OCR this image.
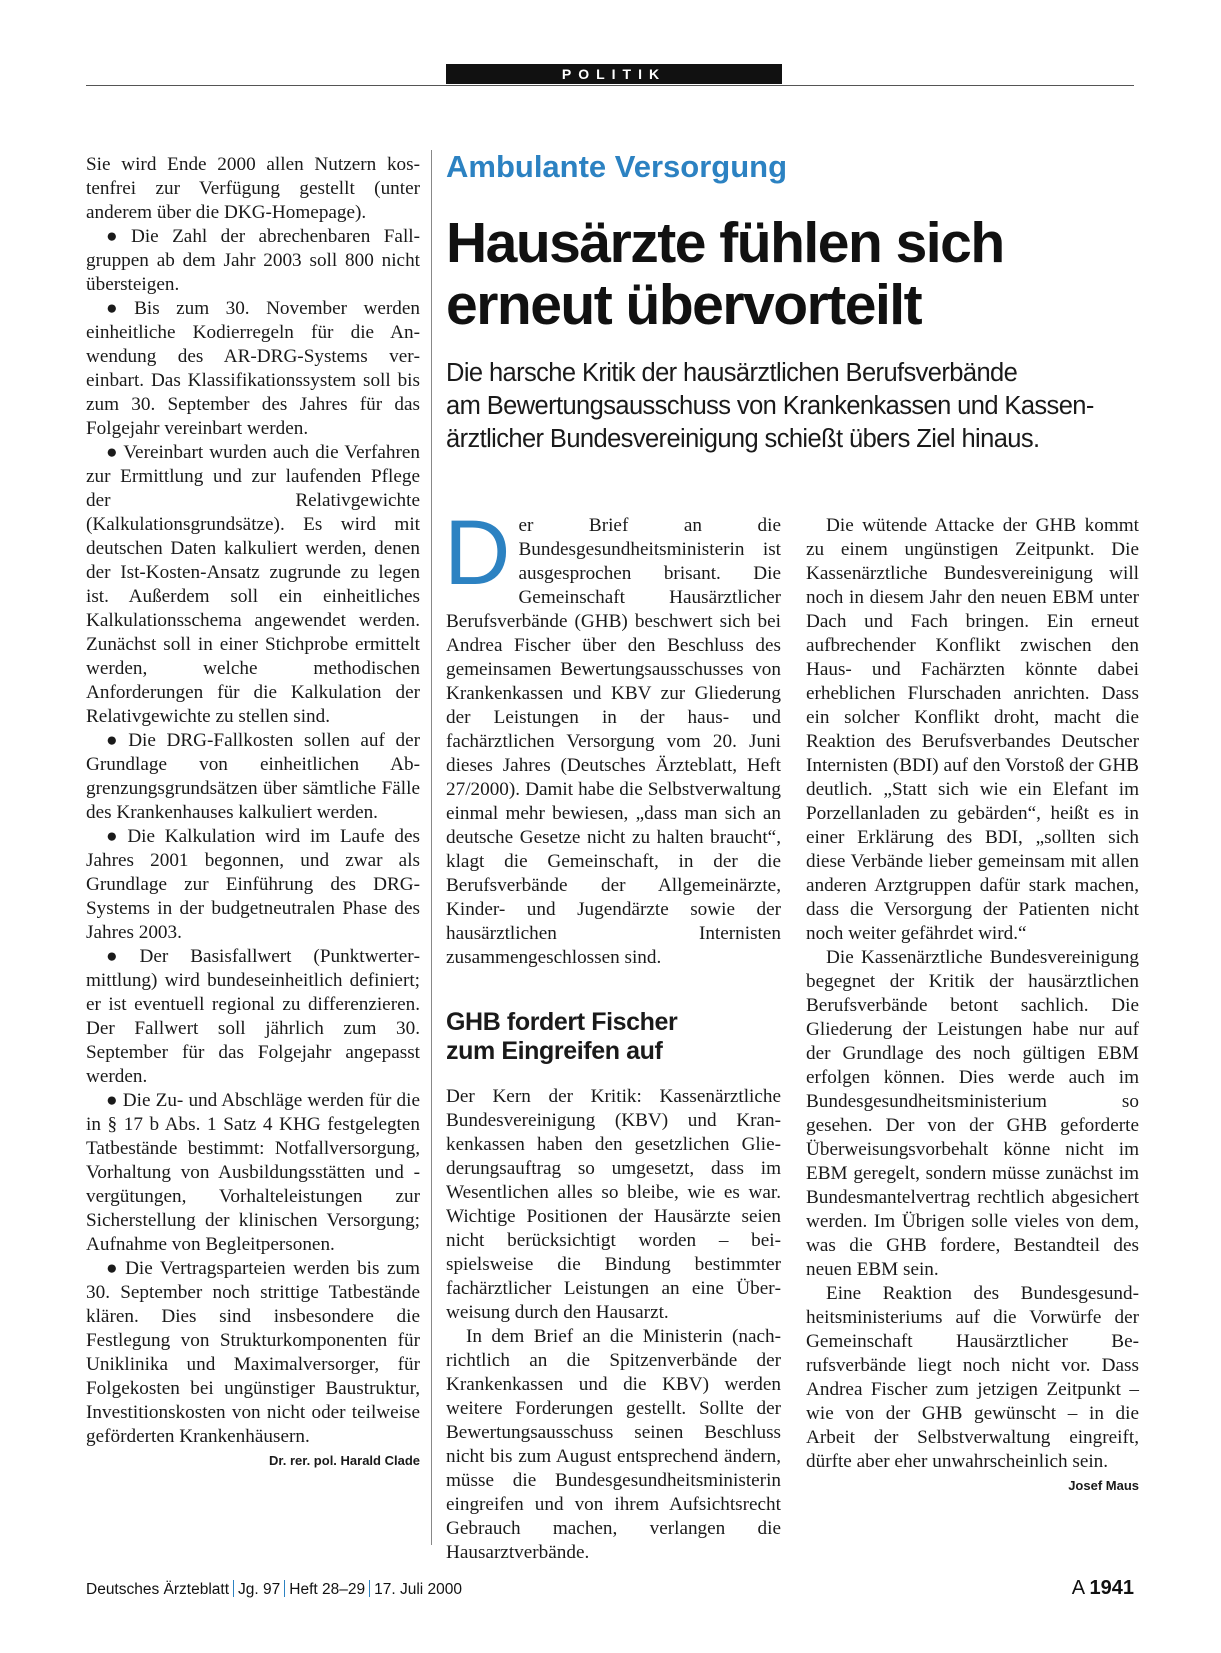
POLITIK

Sie wird Ende 2000 allen Nutzern kostenfrei zur Verfügung gestellt (unter anderem über die DKG-Homepage).

● Die Zahl der abrechenbaren Fallgruppen ab dem Jahr 2003 soll 800 nicht übersteigen.

● Bis zum 30. November werden einheitliche Kodierregeln für die Anwendung des AR-DRG-Systems vereinbart. Das Klassifikationssystem soll bis zum 30. September des Jahres für das Folgejahr vereinbart werden.

● Vereinbart wurden auch die Verfahren zur Ermittlung und zur laufenden Pflege der Relativgewichte (Kalkulationsgrundsätze). Es wird mit deutschen Daten kalkuliert werden, denen der Ist-Kosten-Ansatz zugrunde zu legen ist. Außerdem soll ein einheitliches Kalkulationsschema angewendet werden. Zunächst soll in einer Stichprobe ermittelt werden, welche methodischen Anforderungen für die Kalkulation der Relativgewichte zu stellen sind.

● Die DRG-Fallkosten sollen auf der Grundlage von einheitlichen Abgrenzungsgrundsätzen über sämtliche Fälle des Krankenhauses kalkuliert werden.

● Die Kalkulation wird im Laufe des Jahres 2001 begonnen, und zwar als Grundlage zur Einführung des DRG-Systems in der budgetneutralen Phase des Jahres 2003.

● Der Basisfallwert (Punktwertermittlung) wird bundeseinheitlich definiert; er ist eventuell regional zu differenzieren. Der Fallwert soll jährlich zum 30. September für das Folgejahr angepasst werden.

● Die Zu- und Abschläge werden für die in § 17 b Abs. 1 Satz 4 KHG festgelegten Tatbestände bestimmt: Notfallversorgung, Vorhaltung von Ausbildungsstätten und -vergütungen, Vorhalteleistungen zur Sicherstellung der klinischen Versorgung; Aufnahme von Begleitpersonen.

● Die Vertragsparteien werden bis zum 30. September noch strittige Tatbestände klären. Dies sind insbesondere die Festlegung von Strukturkomponenten für Uniklinika und Maximalversorger, für Folgekosten bei ungünstiger Baustruktur, Investitionskosten von nicht oder teilweise geförderten Krankenhäusern.
Dr. rer. pol. Harald Clade

Ambulante Versorgung
Hausärzte fühlen sich
erneut übervorteilt
Die harsche Kritik der hausärztlichen Berufsverbände
am Bewertungsausschuss von Krankenkassen und Kassen-
ärztlicher Bundesvereinigung schießt übers Ziel hinaus.

Der Brief an die Bundesgesundheitsministerin ist ausgesprochen brisant. Die Gemeinschaft Hausärztlicher Berufsverbände (GHB) beschwert sich bei Andrea Fischer über den Beschluss des gemeinsamen Bewertungsausschusses von Krankenkassen und KBV zur Gliederung der Leistungen in der haus- und fachärztlichen Versorgung vom 20. Juni dieses Jahres (Deutsches Ärzteblatt, Heft 27/2000). Damit habe die Selbstverwaltung einmal mehr bewiesen, „dass man sich an deutsche Gesetze nicht zu halten braucht“, klagt die Gemeinschaft, in der die Berufsverbände der Allgemeinärzte, Kinder- und Jugendärzte sowie der hausärztlichen Internisten zusammengeschlossen sind.

GHB fordert Fischer
zum Eingreifen auf

Der Kern der Kritik: Kassenärztliche Bundesvereinigung (KBV) und Krankenkassen haben den gesetzlichen Gliederungsauftrag so umgesetzt, dass im Wesentlichen alles so bleibe, wie es war. Wichtige Positionen der Hausärzte seien nicht berücksichtigt worden – beispielsweise die Bindung bestimmter fachärztlicher Leistungen an eine Überweisung durch den Hausarzt.

In dem Brief an die Ministerin (nachrichtlich an die Spitzenverbände der Krankenkassen und die KBV) werden weitere Forderungen gestellt. Sollte der Bewertungsausschuss seinen Beschluss nicht bis zum August entsprechend ändern, müsse die Bundesgesundheitsministerin eingreifen und von ihrem Aufsichtsrecht Gebrauch machen, verlangen die Hausarztverbände.

Die wütende Attacke der GHB kommt zu einem ungünstigen Zeitpunkt. Die Kassenärztliche Bundesvereinigung will noch in diesem Jahr den neuen EBM unter Dach und Fach bringen. Ein erneut aufbrechender Konflikt zwischen den Haus- und Fachärzten könnte dabei erheblichen Flurschaden anrichten. Dass ein solcher Konflikt droht, macht die Reaktion des Berufsverbandes Deutscher Internisten (BDI) auf den Vorstoß der GHB deutlich. „Statt sich wie ein Elefant im Porzellanladen zu gebärden“, heißt es in einer Erklärung des BDI, „sollten sich diese Verbände lieber gemeinsam mit allen anderen Arztgruppen dafür stark machen, dass die Versorgung der Patienten nicht noch weiter gefährdet wird.“

Die Kassenärztliche Bundesvereinigung begegnet der Kritik der hausärztlichen Berufsverbände betont sachlich. Die Gliederung der Leistungen habe nur auf der Grundlage des noch gültigen EBM erfolgen können. Dies werde auch im Bundesgesundheitsministerium so gesehen. Der von der GHB geforderte Überweisungsvorbehalt könne nicht im EBM geregelt, sondern müsse zunächst im Bundesmantelvertrag rechtlich abgesichert werden. Im Übrigen solle vieles von dem, was die GHB fordere, Bestandteil des neuen EBM sein.

Eine Reaktion des Bundesgesundheitsministeriums auf die Vorwürfe der Gemeinschaft Hausärztlicher Berufsverbände liegt noch nicht vor. Dass Andrea Fischer zum jetzigen Zeitpunkt – wie von der GHB gewünscht – in die Arbeit der Selbstverwaltung eingreift, dürfte aber eher unwahrscheinlich sein.
Josef Maus

Deutsches Ärzteblatt Jg. 97 Heft 28–29 17. Juli 2000	A 1941
